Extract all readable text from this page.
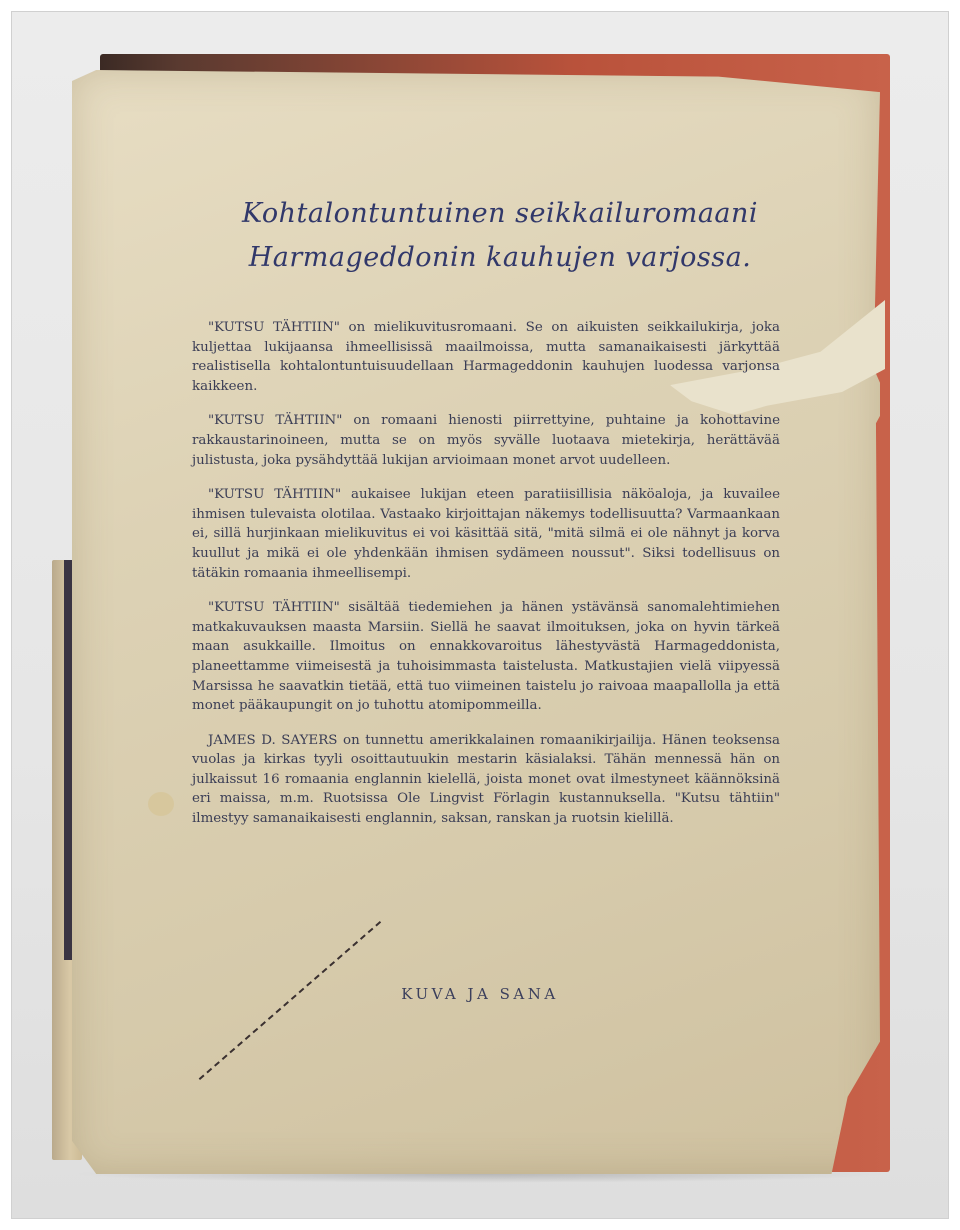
Kohtalontuntuinen seikkailuromaani
Harmageddonin kauhujen varjossa.

"KUTSU TÄHTIIN" on mielikuvitusromaani. Se on aikuisten seikkailukirja, joka kuljettaa lukijaansa ihmeellisissä maailmoissa, mutta samanaikaisesti järkyttää realistisella kohtalontuntuisuudellaan Harmageddonin kauhujen luodessa varjonsa kaikkeen.

"KUTSU TÄHTIIN" on romaani hienosti piirrettyine, puhtaine ja kohottavine rakkaustarinoineen, mutta se on myös syvälle luotaava mietekirja, herättävää julistusta, joka pysähdyttää lukijan arvioimaan monet arvot uudelleen.

"KUTSU TÄHTIIN" aukaisee lukijan eteen paratiisillisia näköaloja, ja kuvailee ihmisen tulevaista olotilaa. Vastaako kirjoittajan näkemys todellisuutta? Varmaankaan ei, sillä hurjinkaan mielikuvitus ei voi käsittää sitä, "mitä silmä ei ole nähnyt ja korva kuullut ja mikä ei ole yhdenkään ihmisen sydämeen noussut". Siksi todellisuus on tätäkin romaania ihmeellisempi.

"KUTSU TÄHTIIN" sisältää tiedemiehen ja hänen ystävänsä sanomalehtimiehen matkakuvauksen maasta Marsiin. Siellä he saavat ilmoituksen, joka on hyvin tärkeä maan asukkaille. Ilmoitus on ennakkovaroitus lähestyvästä Harmageddonista, planeettamme viimeisestä ja tuhoisimmasta taistelusta. Matkustajien vielä viipyessä Marsissa he saavatkin tietää, että tuo viimeinen taistelu jo raivoaa maapallolla ja että monet pääkaupungit on jo tuhottu atomipommeilla.

JAMES D. SAYERS on tunnettu amerikkalainen romaanikirjailija. Hänen teoksensa vuolas ja kirkas tyyli osoittautuukin mestarin käsialaksi. Tähän mennessä hän on julkaissut 16 romaania englannin kielellä, joista monet ovat ilmestyneet käännöksinä eri maissa, m.m. Ruotsissa Ole Lingvist Förlagin kustannuksella. "Kutsu tähtiin" ilmestyy samanaikaisesti englannin, saksan, ranskan ja ruotsin kielillä.

KUVA JA SANA
